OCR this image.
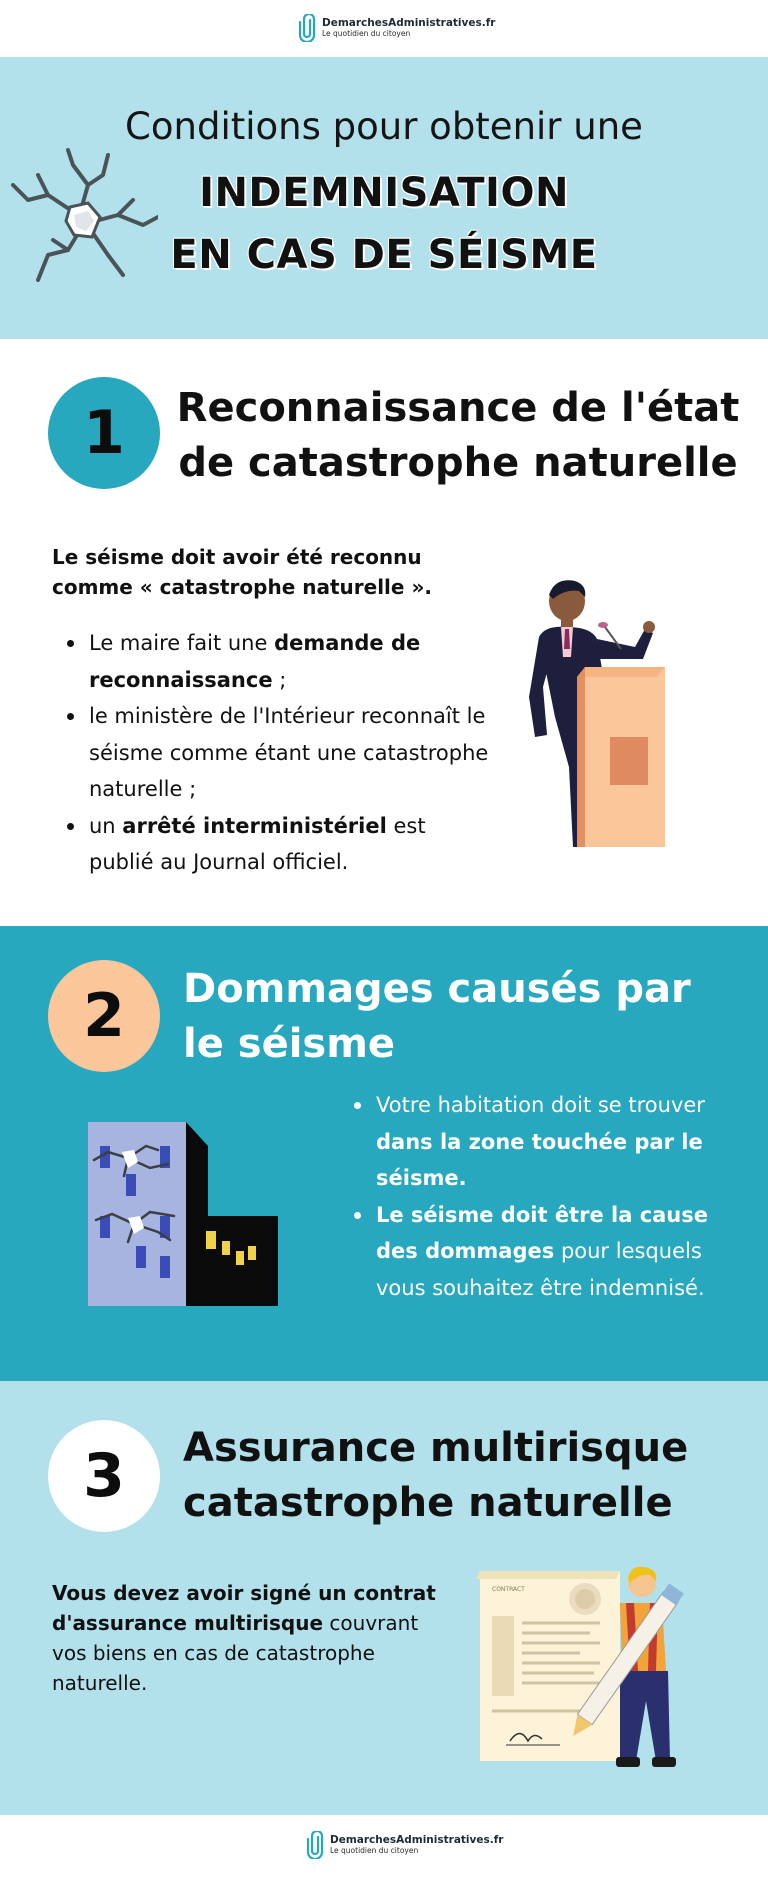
DemarchesAdministratives.fr
Le quotidien du citoyen
Conditions pour obtenir une
INDEMNISATION
EN CAS DE SÉISME
1	Reconnaissance de l'état de catastrophe naturelle
Le séisme doit avoir été reconnu comme « catastrophe naturelle ».
Le maire fait une demande de reconnaissance ;
le ministère de l'Intérieur reconnaît le séisme comme étant une catastrophe naturelle ;
un arrêté interministériel est publié au Journal officiel.
2	Dommages causés par le séisme
Votre habitation doit se trouver dans la zone touchée par le séisme.
Le séisme doit être la cause des dommages pour lesquels vous souhaitez être indemnisé.
3	Assurance multirisque catastrophe naturelle
Vous devez avoir signé un contrat d'assurance multirisque couvrant vos biens en cas de catastrophe naturelle.
CONTRACT
DemarchesAdministratives.fr
Le quotidien du citoyen
